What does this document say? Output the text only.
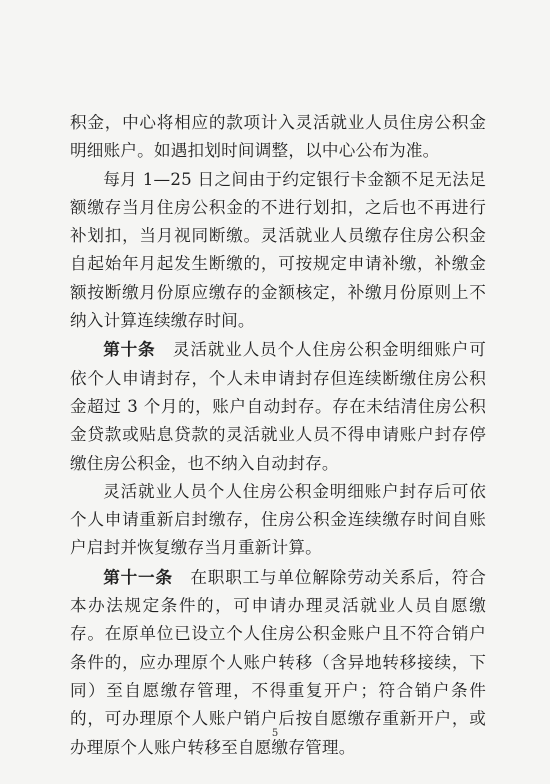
积金，中心将相应的款项计入灵活就业人员住房公积金明细账户。如遇扣划时间调整，以中心公布为准。

每月 1—25 日之间由于约定银行卡金额不足无法足额缴存当月住房公积金的不进行划扣，之后也不再进行补划扣，当月视同断缴。灵活就业人员缴存住房公积金自起始年月起发生断缴的，可按规定申请补缴，补缴金额按断缴月份原应缴存的金额核定，补缴月份原则上不纳入计算连续缴存时间。

第十条　灵活就业人员个人住房公积金明细账户可依个人申请封存，个人未申请封存但连续断缴住房公积金超过 3 个月的，账户自动封存。存在未结清住房公积金贷款或贴息贷款的灵活就业人员不得申请账户封存停缴住房公积金，也不纳入自动封存。

灵活就业人员个人住房公积金明细账户封存后可依个人申请重新启封缴存，住房公积金连续缴存时间自账户启封并恢复缴存当月重新计算。

第十一条　在职职工与单位解除劳动关系后，符合本办法规定条件的，可申请办理灵活就业人员自愿缴存。在原单位已设立个人住房公积金账户且不符合销户条件的，应办理原个人账户转移（含异地转移接续，下同）至自愿缴存管理，不得重复开户；符合销户条件的，可办理原个人账户销户后按自愿缴存重新开户，或办理原个人账户转移至自愿缴存管理。

5
